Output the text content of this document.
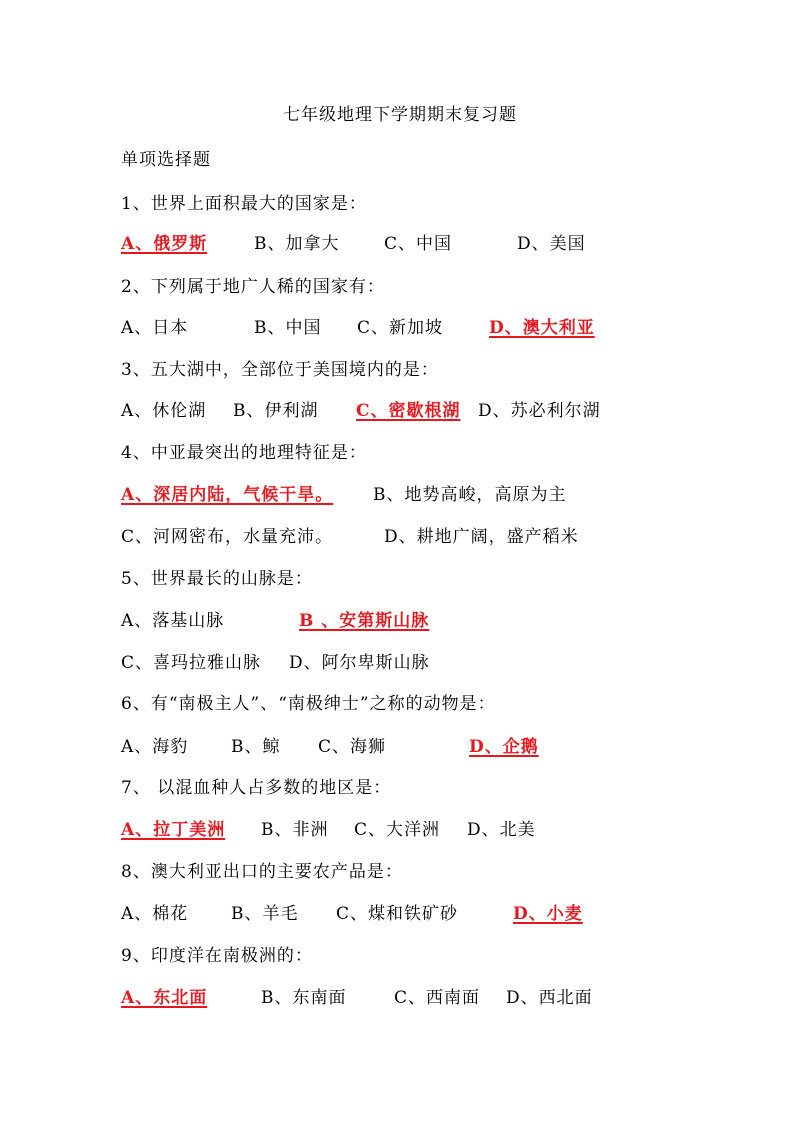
七年级地理下学期期末复习题
单项选择题
1、世界上面积最大的国家是：
A、俄罗斯	B、加拿大	C、中国	D、美国
2、下列属于地广人稀的国家有：
A、日本	B、中国 C、新加坡	D、澳大利亚
3、五大湖中，全部位于美国境内的是：
A、休伦湖 B、伊利湖 C、密歇根湖	D、苏必利尔湖
4、中亚最突出的地理特征是：
A、深居内陆，气候干旱。	B、地势高峻，高原为主
C、河网密布，水量充沛。	D、耕地广阔，盛产稻米
5、世界最长的山脉是：
A、落基山脉	B 、安第斯山脉
C、喜玛拉雅山脉 D、阿尔卑斯山脉
6、有“南极主人”、“南极绅士”之称的动物是：
A、海豹	B、鲸 C、海狮	D、企鹅
7、 以混血种人占多数的地区是：
A、拉丁美洲	B、非洲 C、大洋洲 D、北美
8、澳大利亚出口的主要农产品是：
A、棉花	B、羊毛 C、煤和铁矿砂	D、小麦
9、印度洋在南极洲的：
A、东北面	B、东南面	C、西南面 D、西北面
